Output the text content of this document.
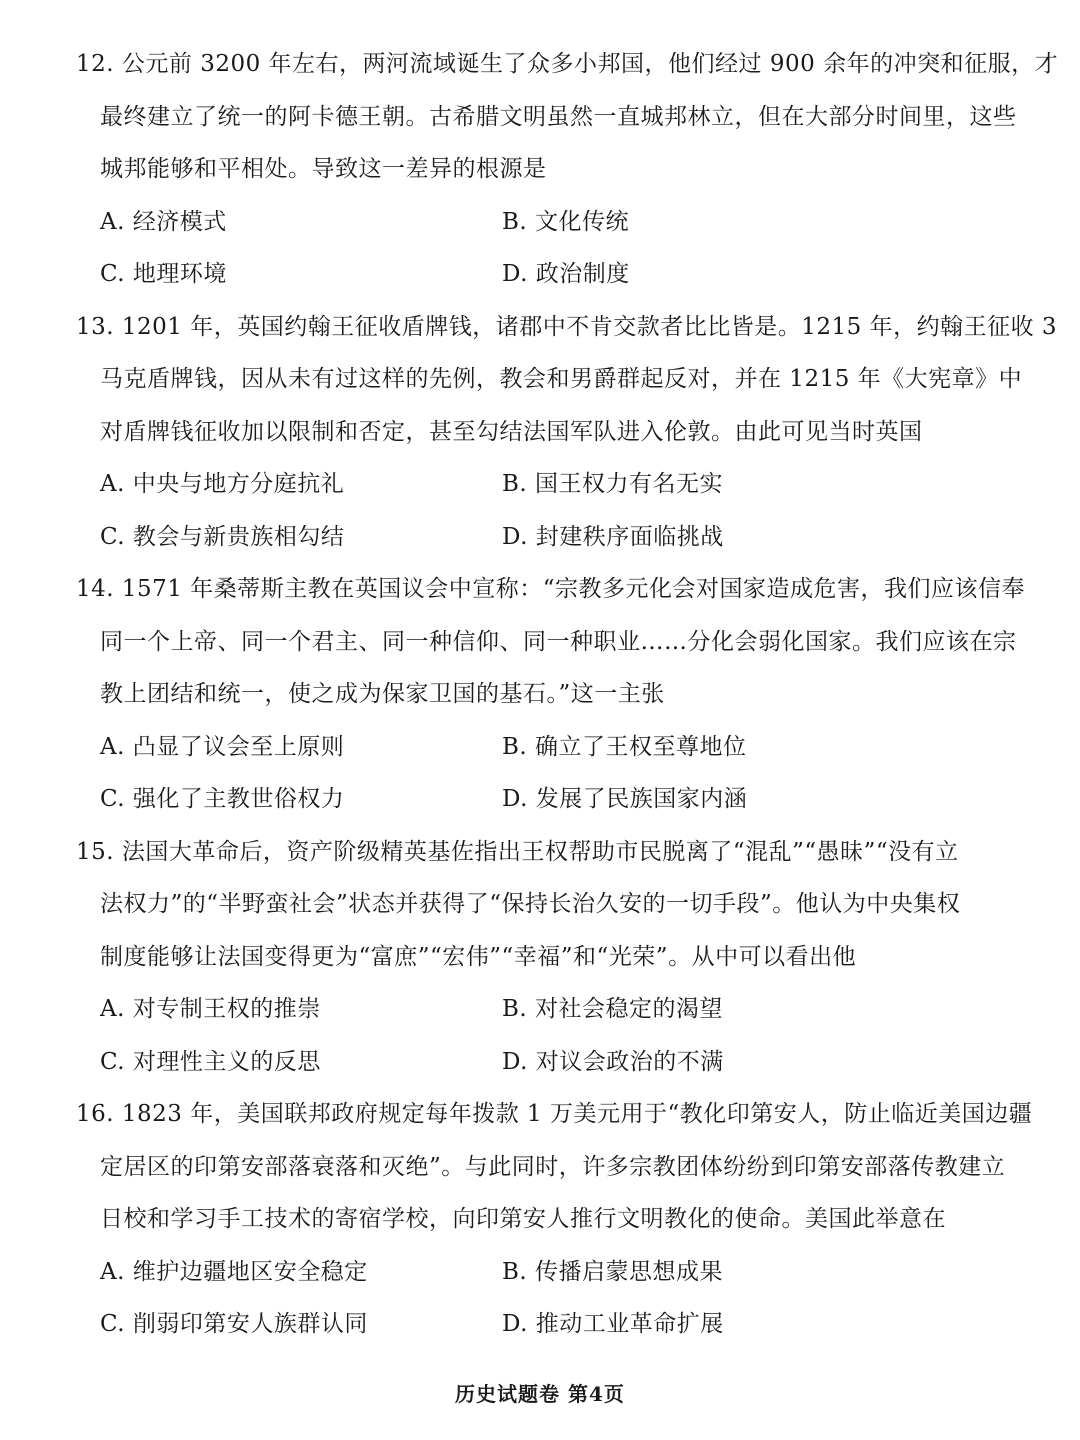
12. 公元前 3200 年左右，两河流域诞生了众多小邦国，他们经过 900 余年的冲突和征服，才
最终建立了统一的阿卡德王朝。古希腊文明虽然一直城邦林立，但在大部分时间里，这些
城邦能够和平相处。导致这一差异的根源是
A. 经济模式	B. 文化传统
C. 地理环境	D. 政治制度
13. 1201 年，英国约翰王征收盾牌钱，诸郡中不肯交款者比比皆是。1215 年，约翰王征收 3
马克盾牌钱，因从未有过这样的先例，教会和男爵群起反对，并在 1215 年《大宪章》中
对盾牌钱征收加以限制和否定，甚至勾结法国军队进入伦敦。由此可见当时英国
A. 中央与地方分庭抗礼	B. 国王权力有名无实
C. 教会与新贵族相勾结	D. 封建秩序面临挑战
14. 1571 年桑蒂斯主教在英国议会中宣称：“宗教多元化会对国家造成危害，我们应该信奉
同一个上帝、同一个君主、同一种信仰、同一种职业……分化会弱化国家。我们应该在宗
教上团结和统一，使之成为保家卫国的基石。”这一主张
A. 凸显了议会至上原则	B. 确立了王权至尊地位
C. 强化了主教世俗权力	D. 发展了民族国家内涵
15. 法国大革命后，资产阶级精英基佐指出王权帮助市民脱离了“混乱”“愚昧”“没有立
法权力”的“半野蛮社会”状态并获得了“保持长治久安的一切手段”。他认为中央集权
制度能够让法国变得更为“富庶”“宏伟”“幸福”和“光荣”。从中可以看出他
A. 对专制王权的推崇	B. 对社会稳定的渴望
C. 对理性主义的反思	D. 对议会政治的不满
16. 1823 年，美国联邦政府规定每年拨款 1 万美元用于“教化印第安人，防止临近美国边疆
定居区的印第安部落衰落和灭绝”。与此同时，许多宗教团体纷纷到印第安部落传教建立
日校和学习手工技术的寄宿学校，向印第安人推行文明教化的使命。美国此举意在
A. 维护边疆地区安全稳定	B. 传播启蒙思想成果
C. 削弱印第安人族群认同	D. 推动工业革命扩展
历史试题卷 第4页
